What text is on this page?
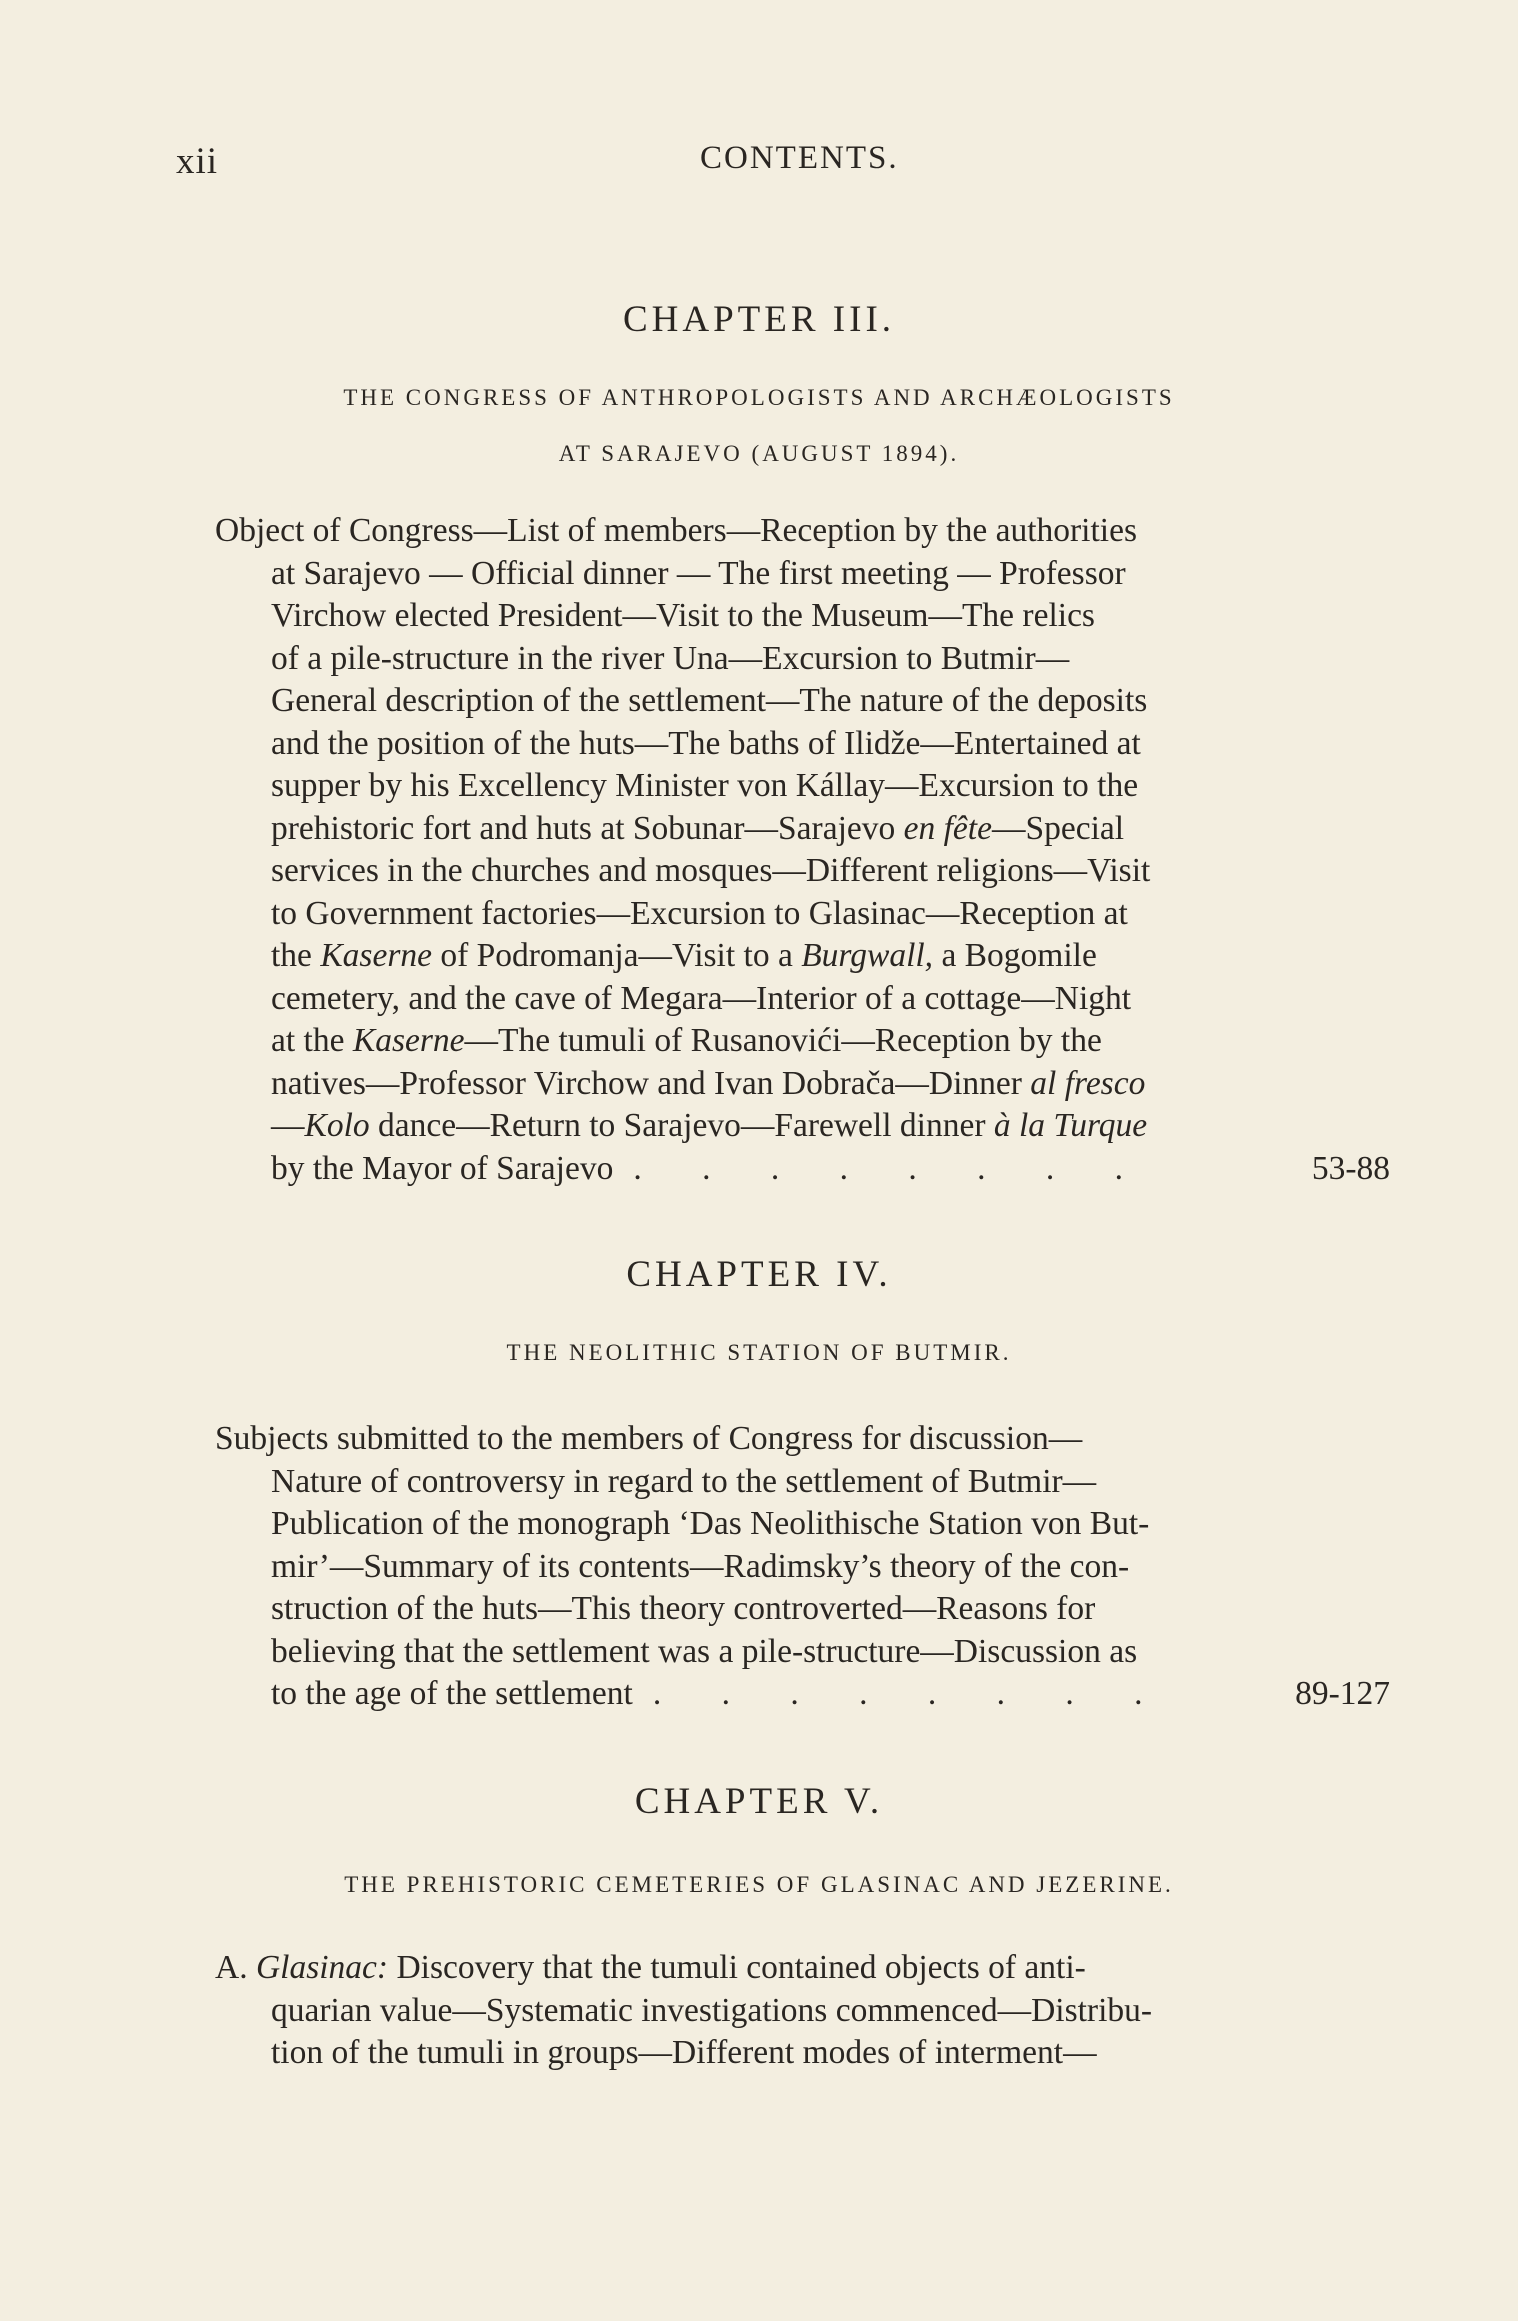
xii	CONTENTS.
CHAPTER III.
THE CONGRESS OF ANTHROPOLOGISTS AND ARCHÆOLOGISTS
AT SARAJEVO (AUGUST 1894).
Object of Congress—List of members—Reception by the authorities
at Sarajevo — Official dinner — The first meeting — Professor
Virchow elected President—Visit to the Museum—The relics
of a pile-structure in the river Una—Excursion to Butmir—
General description of the settlement—The nature of the deposits
and the position of the huts—The baths of Ilidže—Entertained at
supper by his Excellency Minister von Kállay—Excursion to the
prehistoric fort and huts at Sobunar—Sarajevo en fête—Special
services in the churches and mosques—Different religions—Visit
to Government factories—Excursion to Glasinac—Reception at
the Kaserne of Podromanja—Visit to a Burgwall, a Bogomile
cemetery, and the cave of Megara—Interior of a cottage—Night
at the Kaserne—The tumuli of Rusanovići—Reception by the
natives—Professor Virchow and Ivan Dobrača—Dinner al fresco
—Kolo dance—Return to Sarajevo—Farewell dinner à la Turque
by the Mayor of Sarajevo . . . . . . . .	53-88
CHAPTER IV.
THE NEOLITHIC STATION OF BUTMIR.
Subjects submitted to the members of Congress for discussion—
Nature of controversy in regard to the settlement of Butmir—
Publication of the monograph ‘Das Neolithische Station von But-
mir’—Summary of its contents—Radimsky’s theory of the con-
struction of the huts—This theory controverted—Reasons for
believing that the settlement was a pile-structure—Discussion as
to the age of the settlement . . . . . . . .	89-127
CHAPTER V.
THE PREHISTORIC CEMETERIES OF GLASINAC AND JEZERINE.
A. Glasinac: Discovery that the tumuli contained objects of anti-
quarian value—Systematic investigations commenced—Distribu-
tion of the tumuli in groups—Different modes of interment—
